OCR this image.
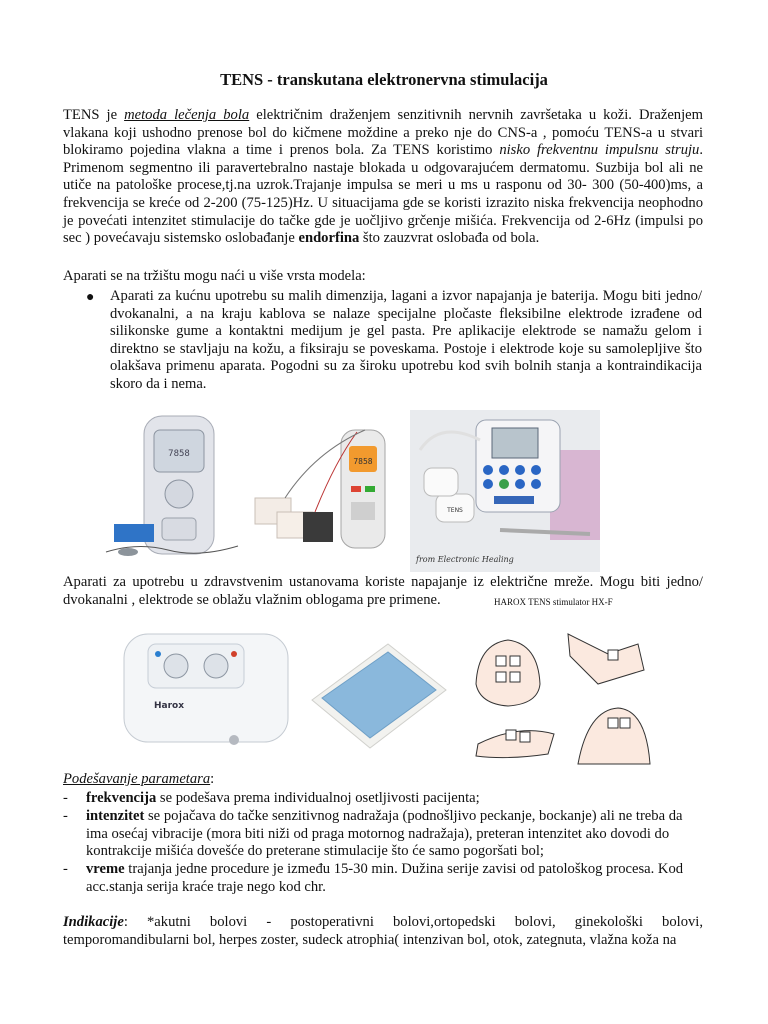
TENS - transkutana elektronervna stimulacija

TENS je metoda lečenja bola električnim draženjem senzitivnih nervnih završetaka u koži. Draženjem vlakana koji ushodno prenose bol do kičmene moždine a preko nje do CNS-a , pomoću TENS-a u stvari blokiramo pojedina vlakna a time i prenos bola. Za TENS koristimo nisko frekventnu impulsnu struju. Primenom segmentno ili paravertebralno nastaje blokada u odgovarajućem dermatomu. Suzbija bol ali ne utiče na patološke procese,tj.na uzrok.Trajanje impulsa se meri u ms u rasponu od 30- 300 (50-400)ms, a frekvencija se kreće od 2-200 (75-125)Hz. U situacijama gde se koristi izrazito niska frekvencija neophodno je povećati intenzitet stimulacije do tačke gde je uočljivo grčenje mišića. Frekvencija od 2-6Hz (impulsi po sec ) povećavaju sistemsko oslobađanje endorfina što zauzvrat oslobađa od bola.

Aparati se na tržištu mogu naći u više vrsta modela:

● Aparati za kućnu upotrebu su malih dimenzija, lagani a izvor napajanja je baterija. Mogu biti jedno/ dvokanalni, a na kraju kablova se nalaze specijalne pločaste fleksibilne elektrode izrađene od silikonske gume a kontaktni medijum je gel pasta. Pre aplikacije elektrode se namažu gelom i direktno se stavljaju na kožu, a fiksiraju se poveskama. Postoje i elektrode koje su samolepljive što olakšava primenu aparata. Pogodni su za široku upotrebu kod svih bolnih stanja a kontraindikacija skoro da i nema.

7858
7858
TENS
from Electronic Healing

Aparati za upotrebu u zdravstvenim ustanovama koriste napajanje iz električne mreže. Mogu biti jedno/ dvokanalni , elektrode se oblažu vlažnim oblogama pre primene.	HAROX TENS stimulator HX-F
Harox

Podešavanje parametara:

- frekvencija se podešava prema individualnoj osetljivosti pacijenta;

- intenzitet se pojačava do tačke senzitivnog nadražaja (podnošljivo peckanje, bockanje) ali ne treba da ima osećaj vibracije (mora biti niži od praga motornog nadražaja), preteran intenzitet ako dovodi do kontrakcije mišića dovešće do preterane stimulacije što će samo pogoršati bol;

- vreme trajanja jedne procedure je između 15-30 min. Dužina serije zavisi od patološkog procesa. Kod acc.stanja serija kraće traje nego kod chr.

Indikacije: *akutni bolovi - postoperativni bolovi,ortopedski bolovi, ginekološki bolovi, temporomandibularni bol, herpes zoster, sudeck atrophia( intenzivan bol, otok, zategnuta, vlažna koža na
